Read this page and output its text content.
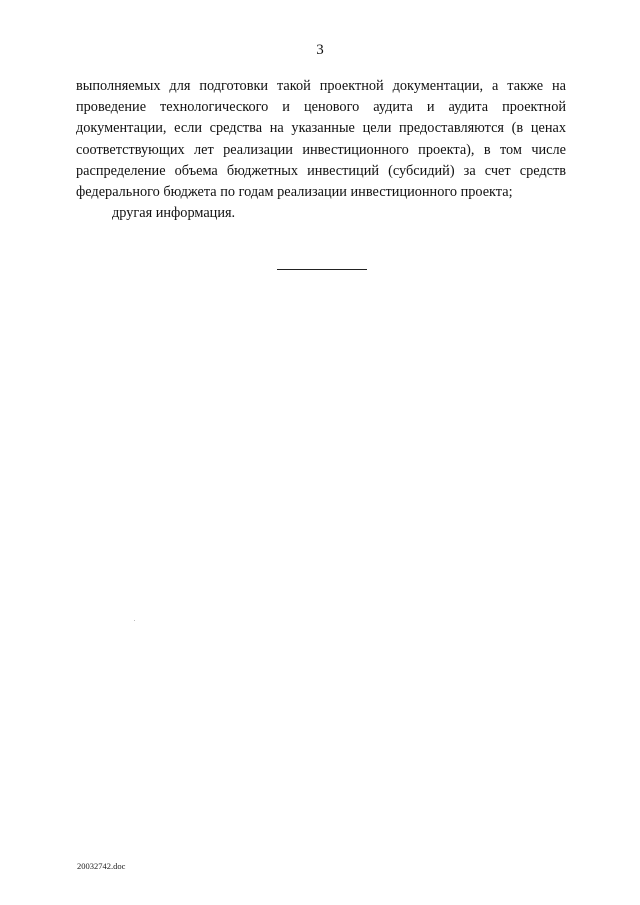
3
выполняемых для подготовки такой проектной документации, а также на
проведение технологического и ценового аудита и аудита проектной
документации, если средства на указанные цели предоставляются (в ценах
соответствующих лет реализации инвестиционного проекта), в том числе
распределение объема бюджетных инвестиций (субсидий) за счет средств
федерального бюджета по годам реализации инвестиционного проекта;
другая информация.
20032742.doc
